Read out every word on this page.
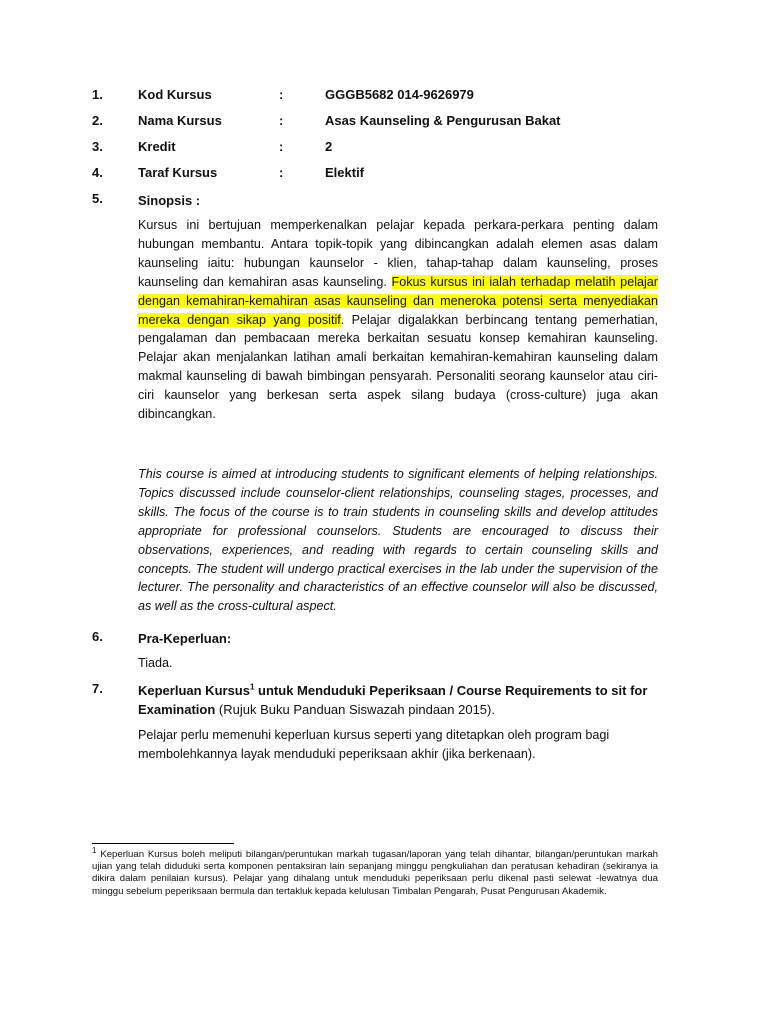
1.	Kod Kursus	:	GGGB5682 014-9626979
2.	Nama Kursus	:	Asas Kaunseling & Pengurusan Bakat
3.	Kredit	:	2
4.	Taraf Kursus	:	Elektif
5.	Sinopsis :

Kursus ini bertujuan memperkenalkan pelajar kepada perkara-perkara penting dalam hubungan membantu. Antara topik-topik yang dibincangkan adalah elemen asas dalam kaunseling iaitu: hubungan kaunselor - klien, tahap-tahap dalam kaunseling, proses kaunseling dan kemahiran asas kaunseling. Fokus kursus ini ialah terhadap melatih pelajar dengan kemahiran-kemahiran asas kaunseling dan meneroka potensi serta menyediakan mereka dengan sikap yang positif. Pelajar digalakkan berbincang tentang pemerhatian, pengalaman dan pembacaan mereka berkaitan sesuatu konsep kemahiran kaunseling. Pelajar akan menjalankan latihan amali berkaitan kemahiran-kemahiran kaunseling dalam makmal kaunseling di bawah bimbingan pensyarah. Personaliti seorang kaunselor atau ciri-ciri kaunselor yang berkesan serta aspek silang budaya (cross-culture) juga akan dibincangkan.

This course is aimed at introducing students to significant elements of helping relationships. Topics discussed include counselor-client relationships, counseling stages, processes, and skills. The focus of the course is to train students in counseling skills and develop attitudes appropriate for professional counselors. Students are encouraged to discuss their observations, experiences, and reading with regards to certain counseling skills and concepts. The student will undergo practical exercises in the lab under the supervision of the lecturer. The personality and characteristics of an effective counselor will also be discussed, as well as the cross-cultural aspect.

6.	Pra-Keperluan:

Tiada.

7.	Keperluan Kursus$^1$ untuk Menduduki Peperiksaan / Course Requirements to sit for Examination (Rujuk Buku Panduan Siswazah pindaan 2015).

Pelajar perlu memenuhi keperluan kursus seperti yang ditetapkan oleh program bagi membolehkannya layak menduduki peperiksaan akhir (jika berkenaan).

$^1$ Keperluan Kursus boleh meliputi bilangan/peruntukan markah tugasan/laporan yang telah dihantar, bilangan/peruntukan markah ujian yang telah diduduki serta komponen pentaksiran lain sepanjang minggu pengkuliahan dan peratusan kehadiran (sekiranya ia dikira dalam penilaian kursus). Pelajar yang dihalang untuk menduduki peperiksaan perlu dikenal pasti selewat -lewatnya dua minggu sebelum peperiksaan bermula dan tertakluk kepada kelulusan Timbalan Pengarah, Pusat Pengurusan Akademik.
